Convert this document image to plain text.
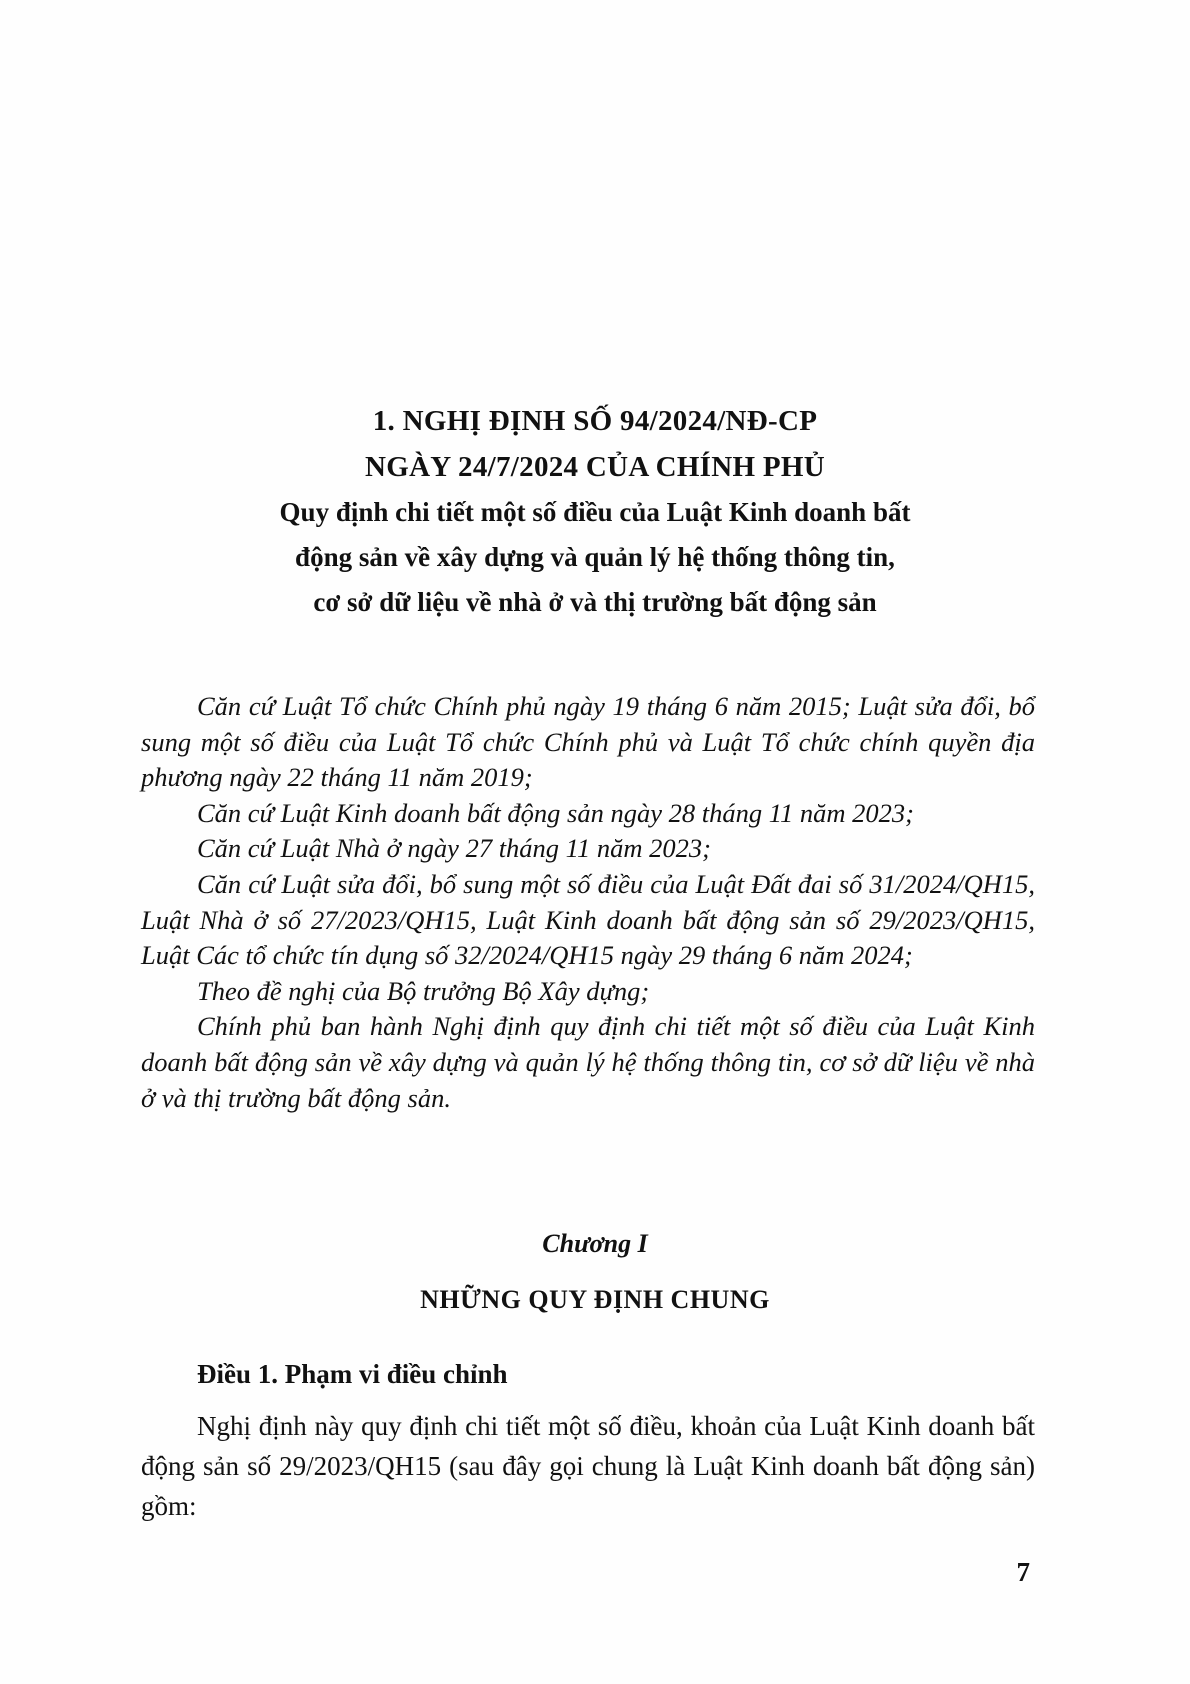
1. NGHỊ ĐỊNH SỐ 94/2024/NĐ-CP

NGÀY 24/7/2024 CỦA CHÍNH PHỦ

Quy định chi tiết một số điều của Luật Kinh doanh bất

động sản về xây dựng và quản lý hệ thống thông tin,

cơ sở dữ liệu về nhà ở và thị trường bất động sản

Căn cứ Luật Tổ chức Chính phủ ngày 19 tháng 6 năm 2015; Luật sửa đổi, bổ sung một số điều của Luật Tổ chức Chính phủ và Luật Tổ chức chính quyền địa phương ngày 22 tháng 11 năm 2019;

Căn cứ Luật Kinh doanh bất động sản ngày 28 tháng 11 năm 2023;

Căn cứ Luật Nhà ở ngày 27 tháng 11 năm 2023;

Căn cứ Luật sửa đổi, bổ sung một số điều của Luật Đất đai số 31/2024/QH15, Luật Nhà ở số 27/2023/QH15, Luật Kinh doanh bất động sản số 29/2023/QH15, Luật Các tổ chức tín dụng số 32/2024/QH15 ngày 29 tháng 6 năm 2024;

Theo đề nghị của Bộ trưởng Bộ Xây dựng;

Chính phủ ban hành Nghị định quy định chi tiết một số điều của Luật Kinh doanh bất động sản về xây dựng và quản lý hệ thống thông tin, cơ sở dữ liệu về nhà ở và thị trường bất động sản.

Chương I

NHỮNG QUY ĐỊNH CHUNG

Điều 1. Phạm vi điều chỉnh

Nghị định này quy định chi tiết một số điều, khoản của Luật Kinh doanh bất động sản số 29/2023/QH15 (sau đây gọi chung là Luật Kinh doanh bất động sản) gồm:

7
